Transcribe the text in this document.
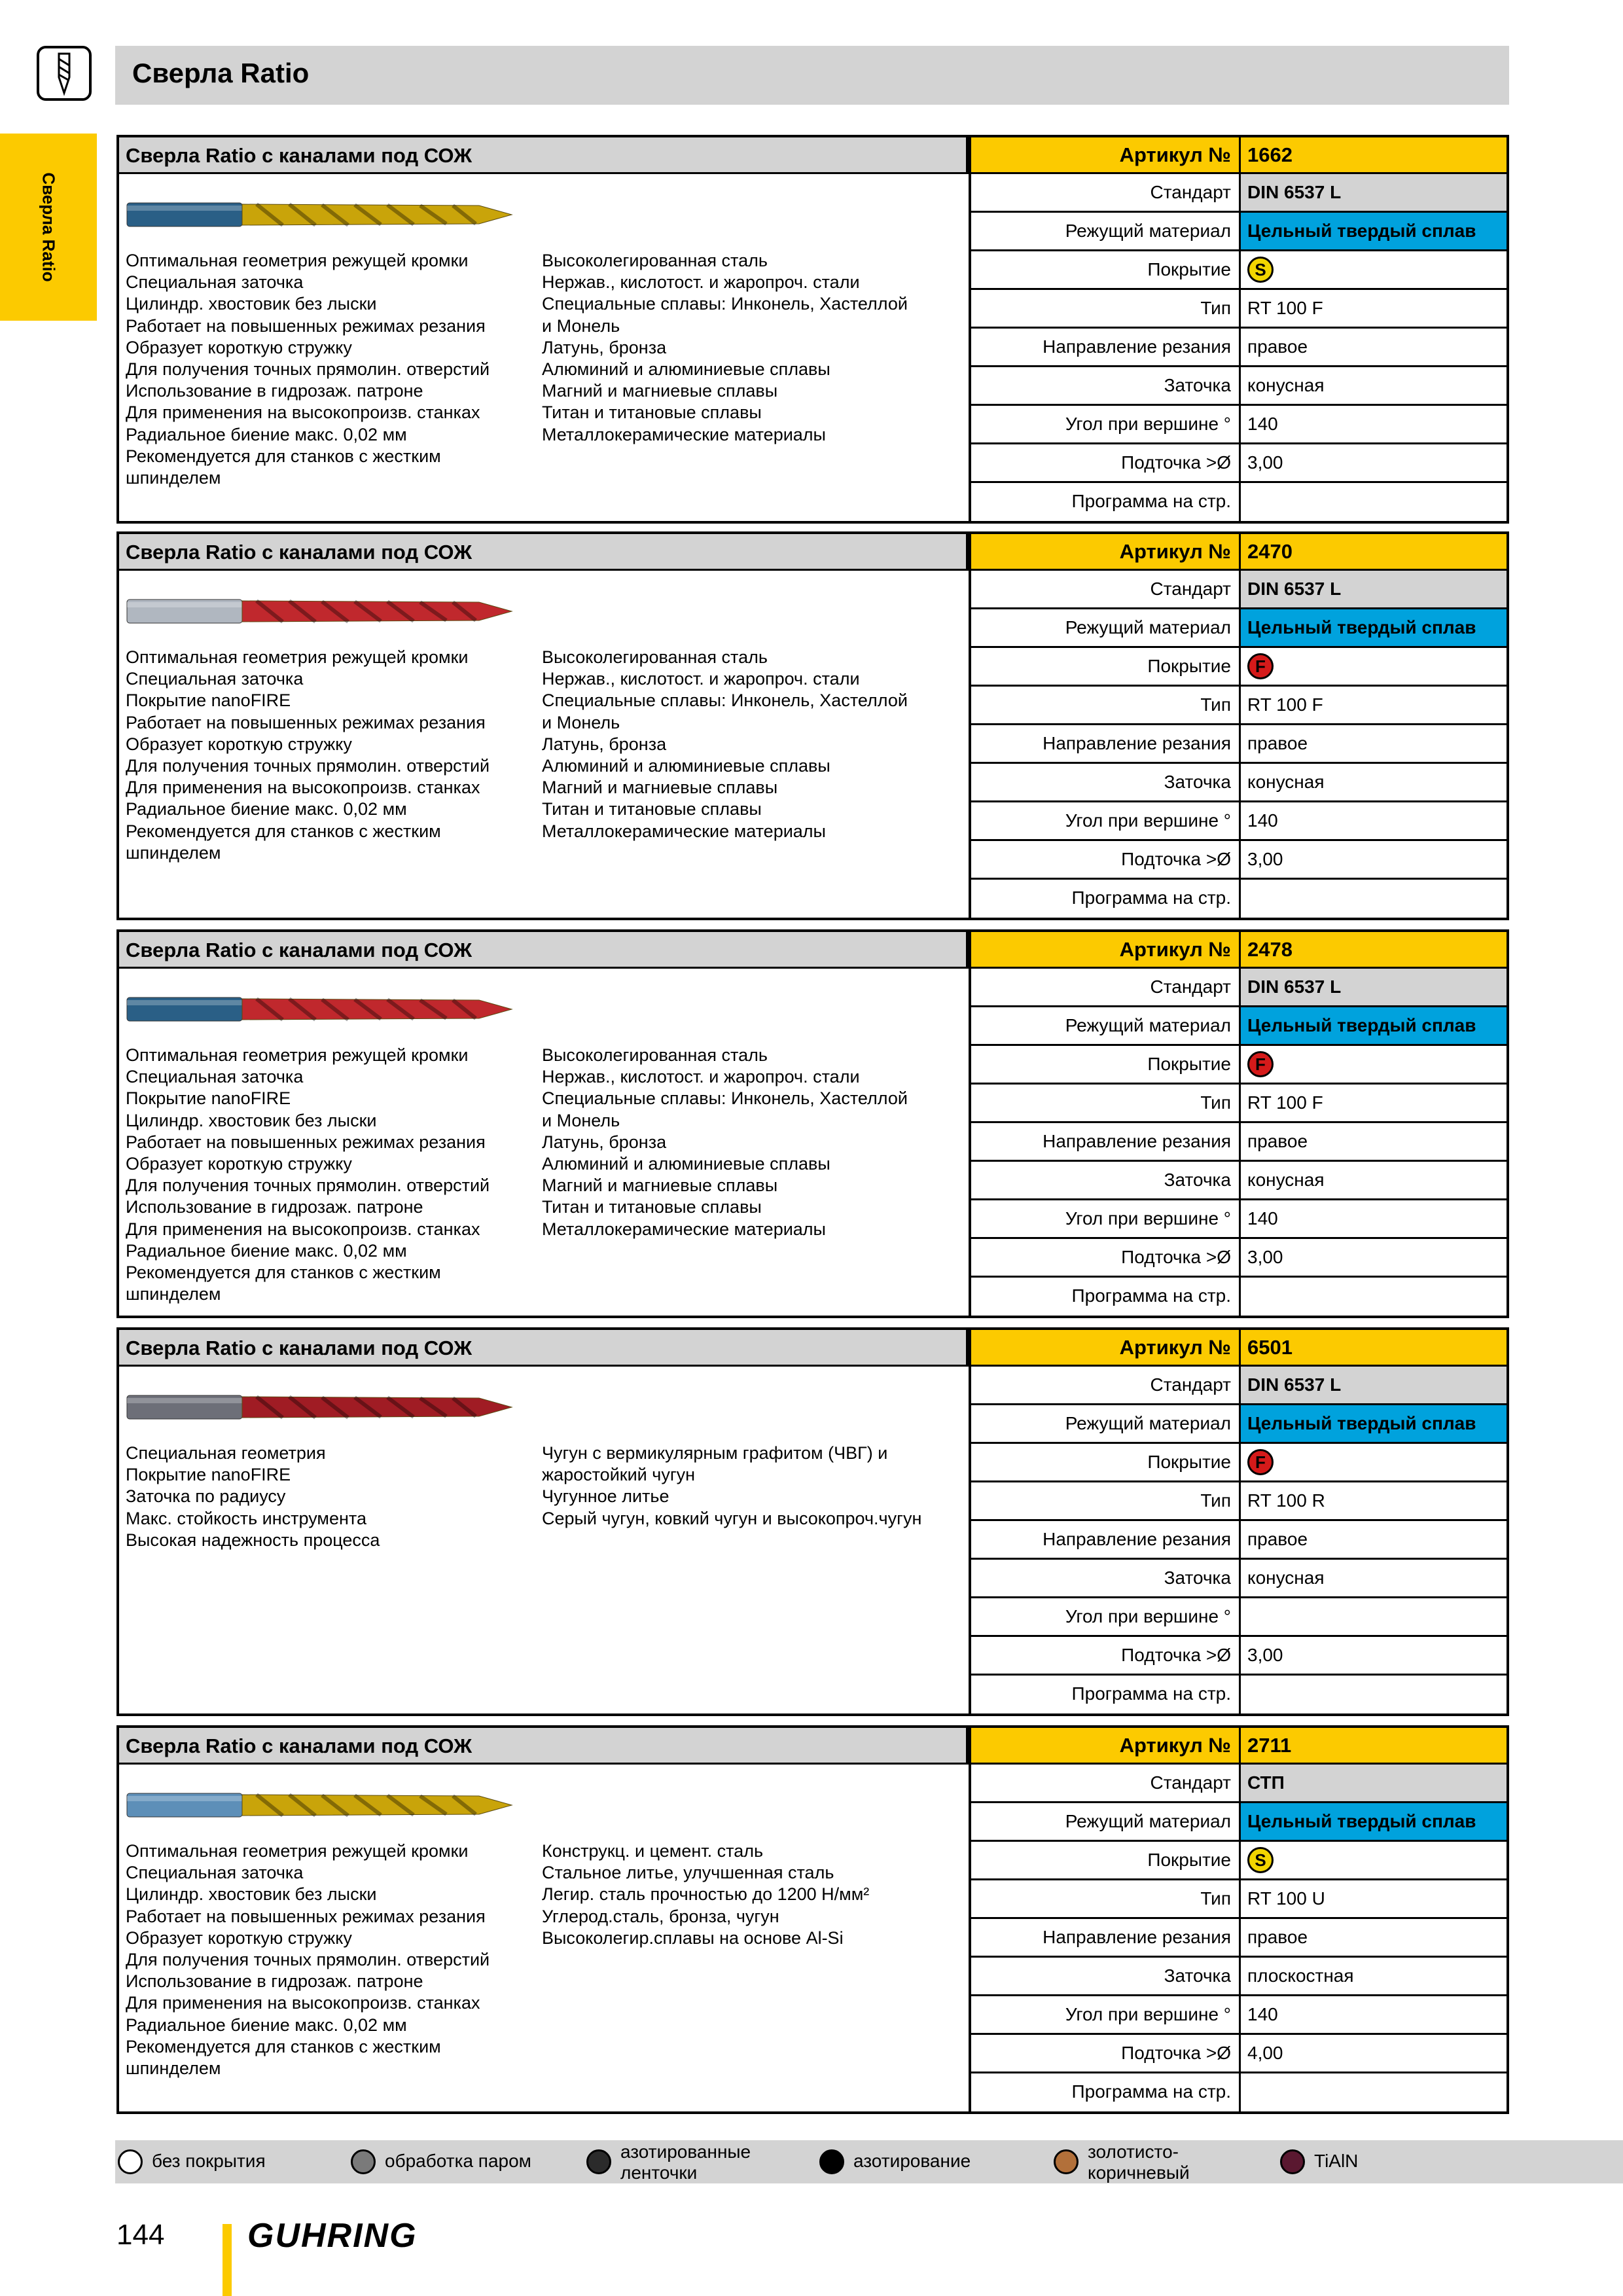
Сверла Ratio
Сверла Ratio
Сверла Ratio с каналами под СОЖ
Оптимальная геометрия режущей кромки
Специальная заточка
Цилиндр. хвостовик без лыски
Работает на повышенных режимах резания
Образует короткую стружку
Для получения точных прямолин. отверстий
Использование в гидрозаж. патроне
Для применения на высокопроизв. станках
Радиальное биение макс. 0,02 мм
Рекомендуется для станков с жестким
шпинделем
Высоколегированная сталь
Нержав., кислотост. и жаропроч. стали
Специальные сплавы: Инконель, Хастеллой
и Монель
Латунь, бронза
Алюминий и алюминиевые сплавы
Магний и магниевые сплавы
Титан и титановые сплавы
Металлокерамические материалы
Артикул № 1662
Стандарт DIN 6537 L
Режущий материал Цельный твердый сплав
Покрытие	S
Тип RT 100 F
Направление резания правое
Заточка конусная
Угол при вершине ° 140
Подточка >Ø 3,00
Программа на стр.
Сверла Ratio с каналами под СОЖ
Оптимальная геометрия режущей кромки
Специальная заточка
Покрытие nanoFIRE
Работает на повышенных режимах резания
Образует короткую стружку
Для получения точных прямолин. отверстий
Для применения на высокопроизв. станках
Радиальное биение макс. 0,02 мм
Рекомендуется для станков с жестким
шпинделем
Высоколегированная сталь
Нержав., кислотост. и жаропроч. стали
Специальные сплавы: Инконель, Хастеллой
и Монель
Латунь, бронза
Алюминий и алюминиевые сплавы
Магний и магниевые сплавы
Титан и титановые сплавы
Металлокерамические материалы
Артикул № 2470
Стандарт DIN 6537 L
Режущий материал Цельный твердый сплав
Покрытие	F
Тип RT 100 F
Направление резания правое
Заточка конусная
Угол при вершине ° 140
Подточка >Ø 3,00
Программа на стр.
Сверла Ratio с каналами под СОЖ
Оптимальная геометрия режущей кромки
Специальная заточка
Покрытие nanoFIRE
Цилиндр. хвостовик без лыски
Работает на повышенных режимах резания
Образует короткую стружку
Для получения точных прямолин. отверстий
Использование в гидрозаж. патроне
Для применения на высокопроизв. станках
Радиальное биение макс. 0,02 мм
Рекомендуется для станков с жестким
шпинделем
Высоколегированная сталь
Нержав., кислотост. и жаропроч. стали
Специальные сплавы: Инконель, Хастеллой
и Монель
Латунь, бронза
Алюминий и алюминиевые сплавы
Магний и магниевые сплавы
Титан и титановые сплавы
Металлокерамические материалы
Артикул № 2478
Стандарт DIN 6537 L
Режущий материал Цельный твердый сплав
Покрытие	F
Тип RT 100 F
Направление резания правое
Заточка конусная
Угол при вершине ° 140
Подточка >Ø 3,00
Программа на стр.
Сверла Ratio с каналами под СОЖ
Специальная геометрия
Покрытие nanoFIRE
Заточка по радиусу
Макс. стойкость инструмента
Высокая надежность процесса
Чугун с вермикулярным графитом (ЧВГ) и
жаростойкий чугун
Чугунное литье
Серый чугун, ковкий чугун и высокопроч.чугун
Артикул № 6501
Стандарт DIN 6537 L
Режущий материал Цельный твердый сплав
Покрытие	F
Тип RT 100 R
Направление резания правое
Заточка конусная
Угол при вершине °
Подточка >Ø 3,00
Программа на стр.
Сверла Ratio с каналами под СОЖ
Оптимальная геометрия режущей кромки
Специальная заточка
Цилиндр. хвостовик без лыски
Работает на повышенных режимах резания
Образует короткую стружку
Для получения точных прямолин. отверстий
Использование в гидрозаж. патроне
Для применения на высокопроизв. станках
Радиальное биение макс. 0,02 мм
Рекомендуется для станков с жестким
шпинделем
Конструкц. и цемент. сталь
Стальное литье, улучшенная сталь
Легир. сталь прочностью до 1200 Н/мм²
Углерод.сталь, бронза, чугун
Высоколегир.сплавы на основе Al-Si
Артикул № 2711
Стандарт СТП
Режущий материал Цельный твердый сплав
Покрытие	S
Тип RT 100 U
Направление резания правое
Заточка плоскостная
Угол при вершине ° 140
Подточка >Ø 4,00
Программа на стр.
без покрытия	обработка паром	азотированные
ленточки
азотирование	золотисто-
коричневый
TiAlN
144 GUHRING
